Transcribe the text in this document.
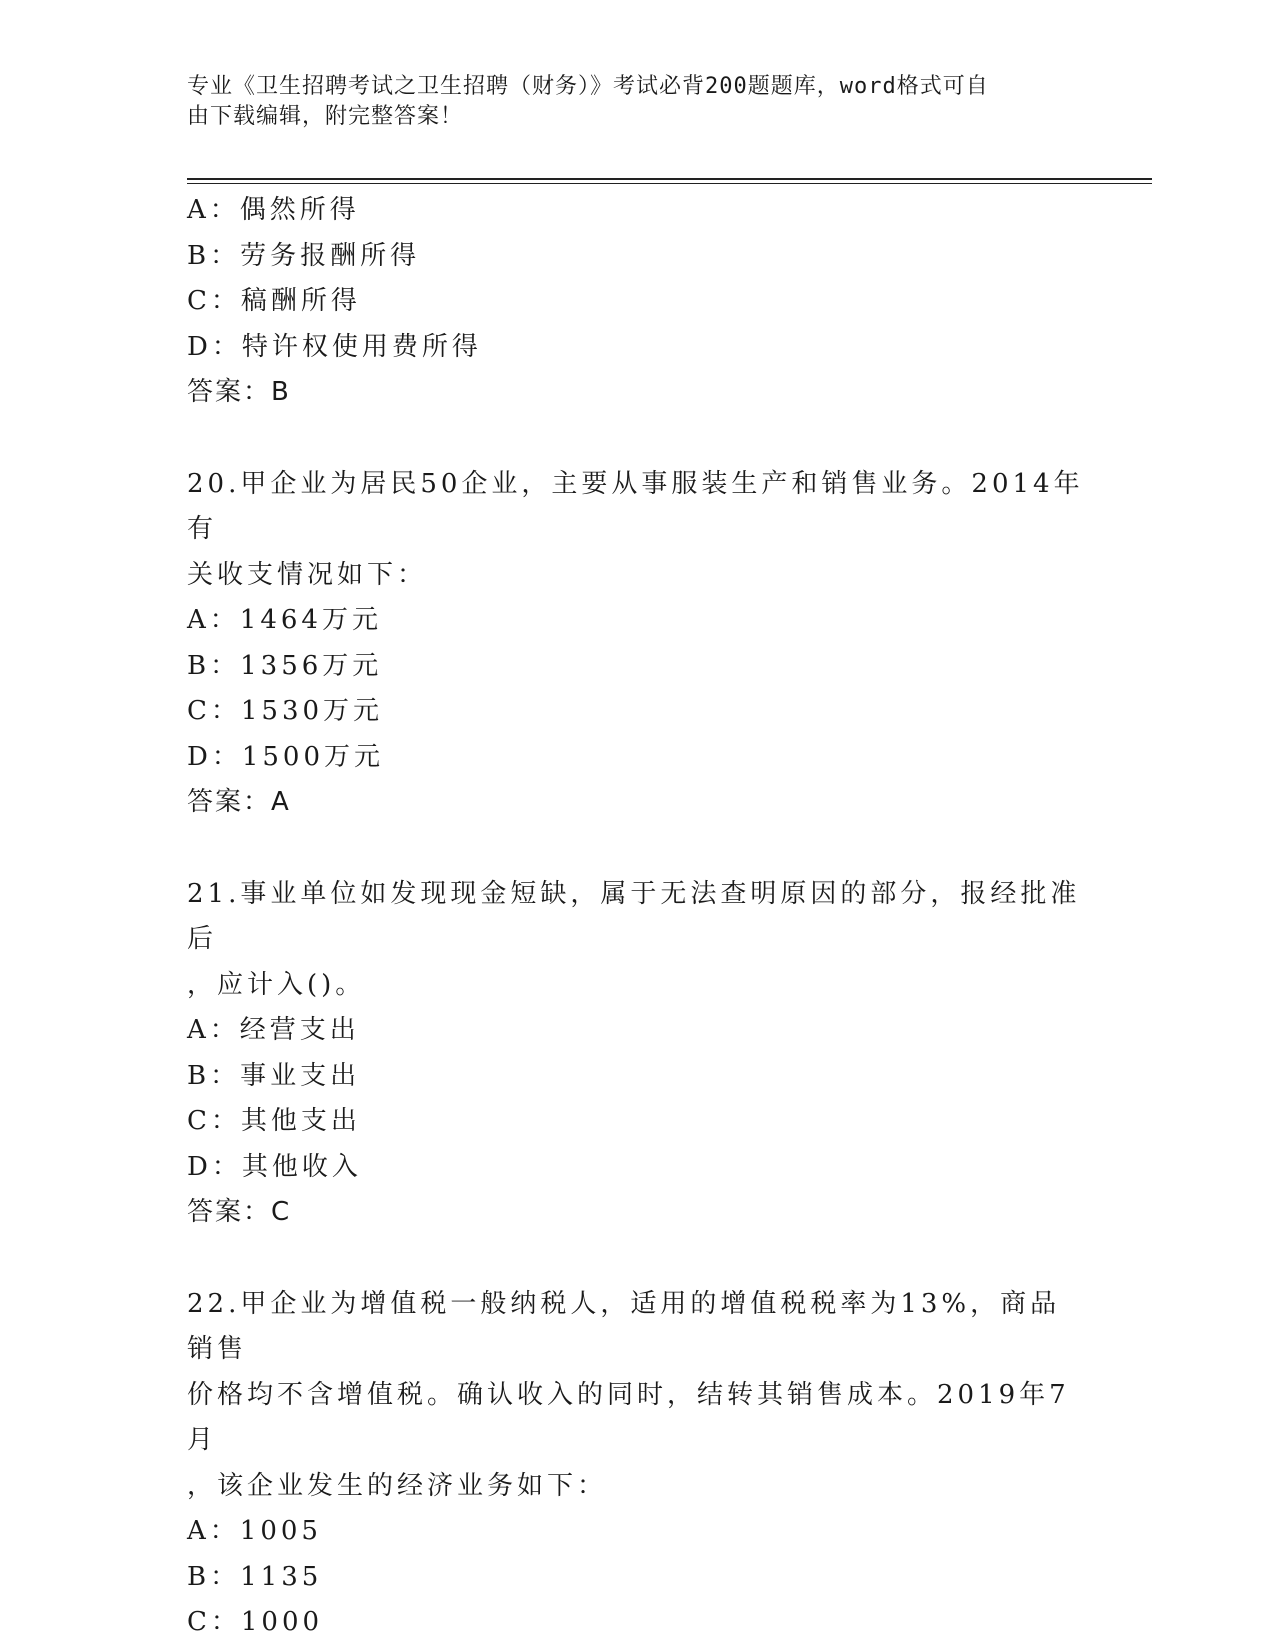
专业《卫生招聘考试之卫生招聘（财务）》考试必背200题题库，word格式可自
由下载编辑，附完整答案！
A：偶然所得
B：劳务报酬所得
C：稿酬所得
D：特许权使用费所得
答案：B
20.甲企业为居民50企业，主要从事服装生产和销售业务。2014年有
关收支情况如下：
A：1464万元
B：1356万元
C：1530万元
D：1500万元
答案：A
21.事业单位如发现现金短缺，属于无法查明原因的部分，报经批准后
，应计入()。
A：经营支出
B：事业支出
C：其他支出
D：其他收入
答案：C
22.甲企业为增值税一般纳税人，适用的增值税税率为13%，商品销售
价格均不含增值税。确认收入的同时，结转其销售成本。2019年7月
，该企业发生的经济业务如下：
A：1005
B：1135
C：1000
